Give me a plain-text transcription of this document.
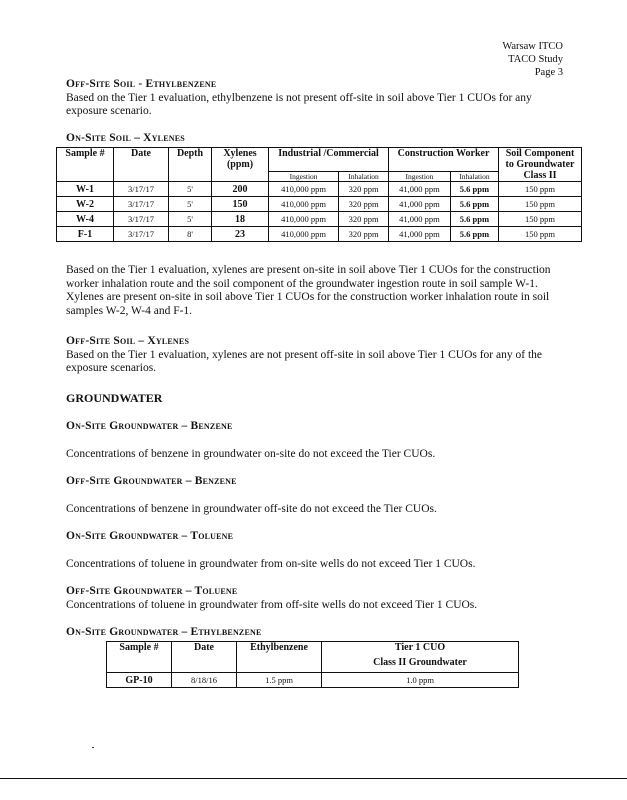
Warsaw ITCO
TACO Study
Page 3
Off-Site Soil - Ethylbenzene
Based on the Tier 1 evaluation, ethylbenzene is not present off-site in soil above Tier 1 CUOs for any exposure scenario.
On-Site Soil – Xylenes
Sample #	Date	Depth	Xylenes (ppm)	Industrial /Commercial		Construction Worker		Soil Component to Groundwater Class II
				Ingestion	Inhalation	Ingestion	Inhalation	
W-1	3/17/17	5'	200	410,000 ppm	320 ppm	41,000 ppm	5.6 ppm	150 ppm
W-2	3/17/17	5'	150	410,000 ppm	320 ppm	41,000 ppm	5.6 ppm	150 ppm
W-4	3/17/17	5'	18	410,000 ppm	320 ppm	41,000 ppm	5.6 ppm	150 ppm
F-1	3/17/17	8'	23	410,000 ppm	320 ppm	41,000 ppm	5.6 ppm	150 ppm
Based on the Tier 1 evaluation, xylenes are present on-site in soil above Tier 1 CUOs for the construction worker inhalation route and the soil component of the groundwater ingestion route in soil sample W-1. Xylenes are present on-site in soil above Tier 1 CUOs for the construction worker inhalation route in soil samples W-2, W-4 and F-1.
Off-Site Soil – Xylenes
Based on the Tier 1 evaluation, xylenes are not present off-site in soil above Tier 1 CUOs for any of the exposure scenarios.
GROUNDWATER
On-Site Groundwater – Benzene
Concentrations of benzene in groundwater on-site do not exceed the Tier CUOs.
Off-Site Groundwater – Benzene
Concentrations of benzene in groundwater off-site do not exceed the Tier CUOs.
On-Site Groundwater – Toluene
Concentrations of toluene in groundwater from on-site wells do not exceed Tier 1 CUOs.
Off-Site Groundwater – Toluene
Concentrations of toluene in groundwater from off-site wells do not exceed Tier 1 CUOs.
On-Site Groundwater – Ethylbenzene
Sample #	Date	Ethylbenzene	Tier 1 CUO
Class II Groundwater

GP-10	8/18/16	1.5 ppm	1.0 ppm
